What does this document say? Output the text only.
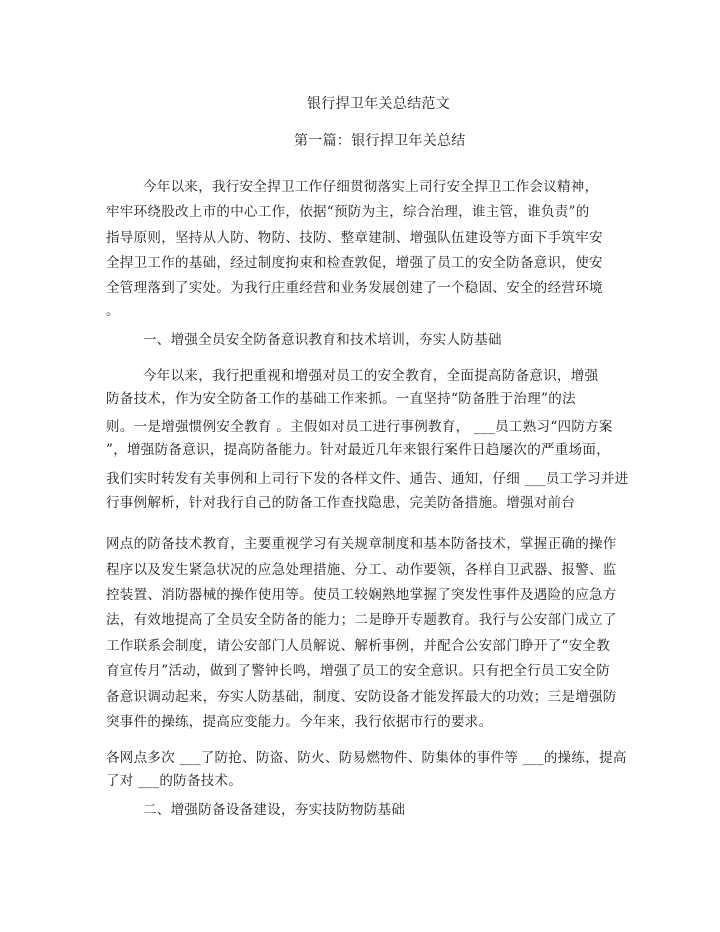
银行捍卫年关总结范文
第一篇：银行捍卫年关总结
今年以来，我行安全捍卫工作仔细贯彻落实上司行安全捍卫工作会议精神，
牢牢环绕股改上市的中心工作，依据“预防为主，综合治理，谁主管，谁负责”的
指导原则，坚持从人防、物防、技防、整章建制、增强队伍建设等方面下手筑牢安
全捍卫工作的基础，经过制度拘束和检查敦促，增强了员工的安全防备意识，使安
全管理落到了实处。为我行庄重经营和业务发展创建了一个稳固、安全的经营环境
。
一、增强全员安全防备意识教育和技术培训，夯实人防基础
今年以来，我行把重视和增强对员工的安全教育，全面提高防备意识，增强
防备技术，作为安全防备工作的基础工作来抓。一直坚持“防备胜于治理”的法
则。一是增强惯例安全教育 。主假如对员工进行事例教育， ___员工熟习“四防方案
”，增强防备意识，提高防备能力。针对最近几年来银行案件日趋屡次的严重场面，
我们实时转发有关事例和上司行下发的各样文件、通告、通知，仔细 ___员工学习并进
行事例解析，针对我行自己的防备工作查找隐患，完美防备措施。增强对前台
网点的防备技术教育，主要重视学习有关规章制度和基本防备技术，掌握正确的操作
程序以及发生紧急状况的应急处理措施、分工、动作要领，各样自卫武器、报警、监
控装置、消防器械的操作使用等。使员工较娴熟地掌握了突发性事件及遇险的应急方
法，有效地提高了全员安全防备的能力；二是睁开专题教育。我行与公安部门成立了
工作联系会制度，请公安部门人员解说、解析事例，并配合公安部门睁开了“安全教
育宣传月”活动，做到了警钟长鸣，增强了员工的安全意识。只有把全行员工安全防
备意识调动起来，夯实人防基础，制度、安防设备才能发挥最大的功效；三是增强防
突事件的操练，提高应变能力。今年来，我行依据市行的要求。
各网点多次 ___了防抢、防盗、防火、防易燃物件、防集体的事件等 ___的操练，提高
了对 ___的防备技术。
二、增强防备设备建设，夯实技防物防基础
